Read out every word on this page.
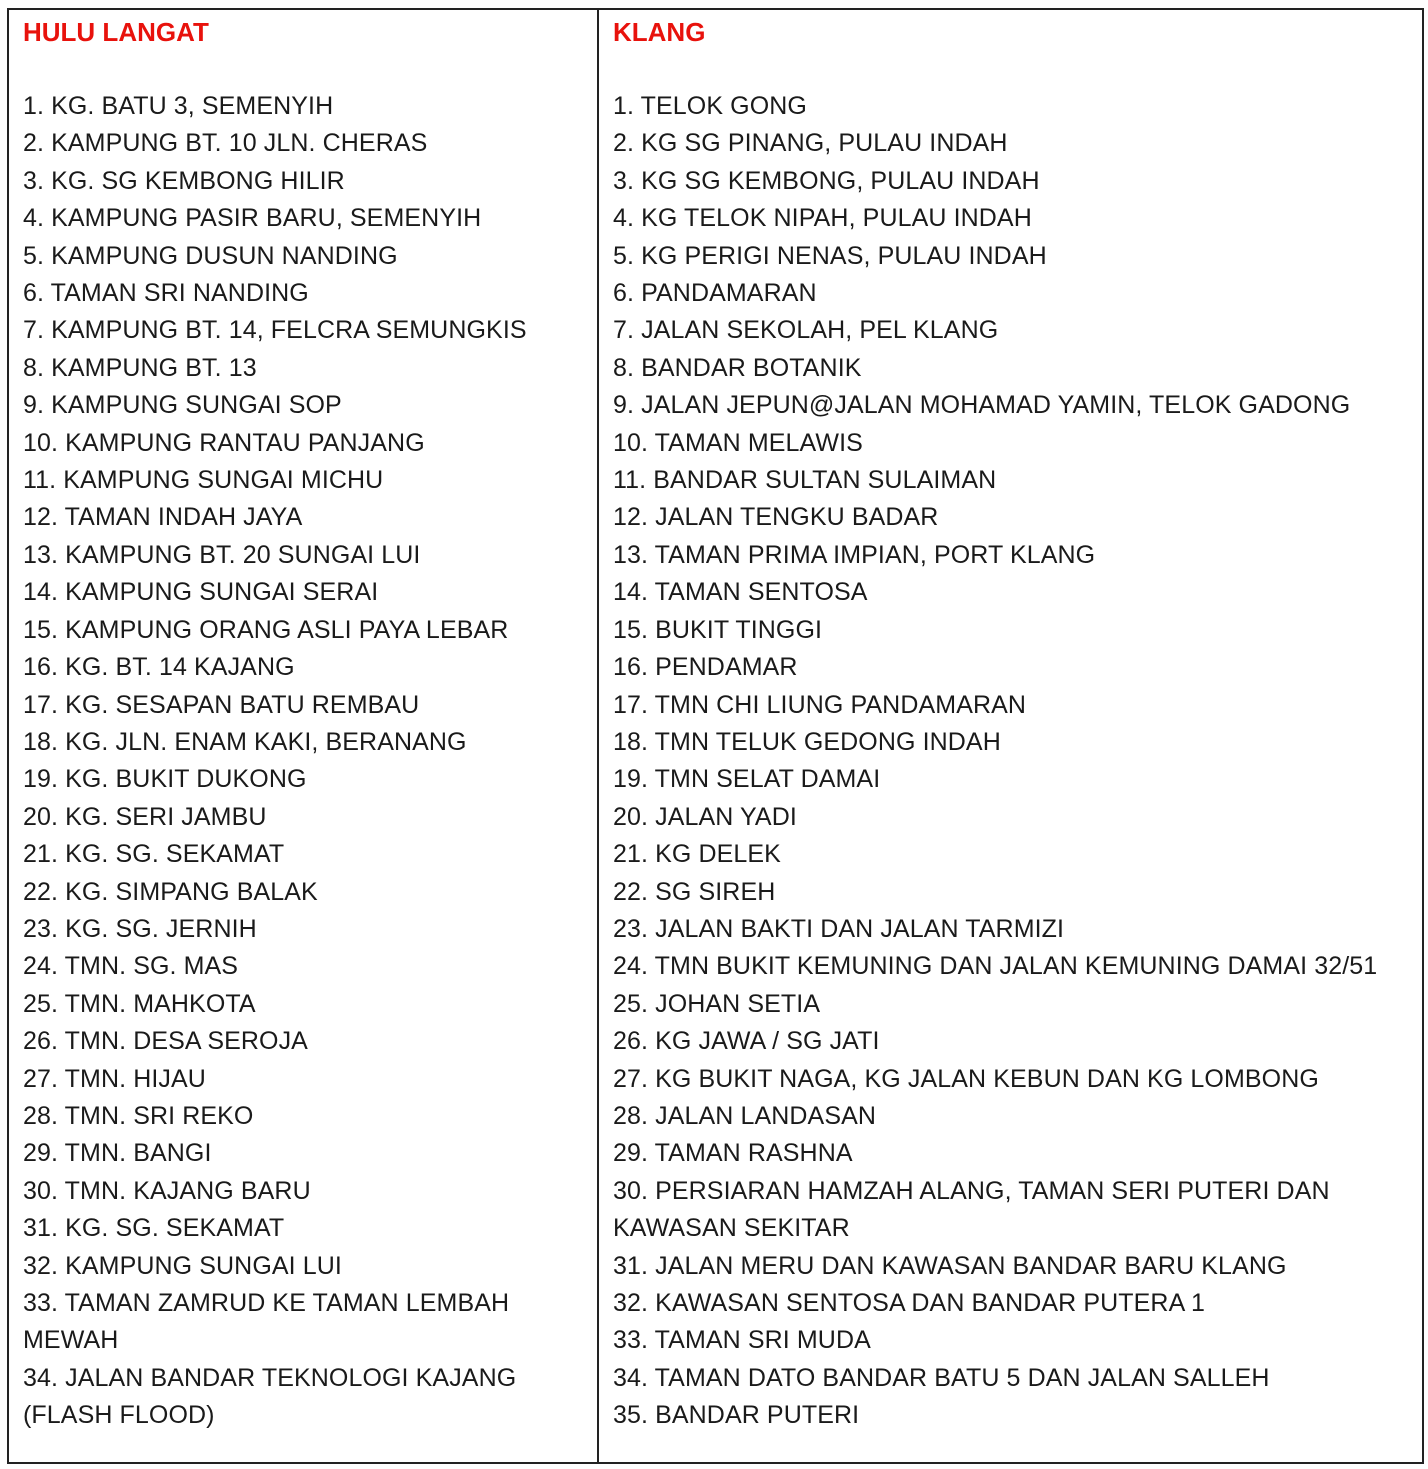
HULU LANGAT
1. KG. BATU 3, SEMENYIH
2. KAMPUNG BT. 10 JLN. CHERAS
3. KG. SG KEMBONG HILIR
4. KAMPUNG PASIR BARU, SEMENYIH
5. KAMPUNG DUSUN NANDING
6. TAMAN SRI NANDING
7. KAMPUNG BT. 14, FELCRA SEMUNGKIS
8. KAMPUNG BT. 13
9. KAMPUNG SUNGAI SOP
10. KAMPUNG RANTAU PANJANG
11. KAMPUNG SUNGAI MICHU
12. TAMAN INDAH JAYA
13. KAMPUNG BT. 20 SUNGAI LUI
14. KAMPUNG SUNGAI SERAI
15. KAMPUNG ORANG ASLI PAYA LEBAR
16. KG. BT. 14 KAJANG
17. KG. SESAPAN BATU REMBAU
18. KG. JLN. ENAM KAKI, BERANANG
19. KG. BUKIT DUKONG
20. KG. SERI JAMBU
21. KG. SG. SEKAMAT
22. KG. SIMPANG BALAK
23. KG. SG. JERNIH
24. TMN. SG. MAS
25. TMN. MAHKOTA
26. TMN. DESA SEROJA
27. TMN. HIJAU
28. TMN. SRI REKO
29. TMN. BANGI
30. TMN. KAJANG BARU
31. KG. SG. SEKAMAT
32. KAMPUNG SUNGAI LUI
33. TAMAN ZAMRUD KE TAMAN LEMBAH MEWAH
34. JALAN BANDAR TEKNOLOGI KAJANG (FLASH FLOOD)
KLANG
1. TELOK GONG
2. KG SG PINANG, PULAU INDAH
3. KG SG KEMBONG, PULAU INDAH
4. KG TELOK NIPAH, PULAU INDAH
5. KG PERIGI NENAS, PULAU INDAH
6. PANDAMARAN
7. JALAN SEKOLAH, PEL KLANG
8. BANDAR BOTANIK
9. JALAN JEPUN@JALAN MOHAMAD YAMIN, TELOK GADONG
10. TAMAN MELAWIS
11. BANDAR SULTAN SULAIMAN
12. JALAN TENGKU BADAR
13. TAMAN PRIMA IMPIAN, PORT KLANG
14. TAMAN SENTOSA
15. BUKIT TINGGI
16. PENDAMAR
17. TMN CHI LIUNG PANDAMARAN
18. TMN TELUK GEDONG INDAH
19. TMN SELAT DAMAI
20. JALAN YADI
21. KG DELEK
22. SG SIREH
23. JALAN BAKTI DAN JALAN TARMIZI
24. TMN BUKIT KEMUNING DAN JALAN KEMUNING DAMAI 32/51
25. JOHAN SETIA
26. KG JAWA / SG JATI
27. KG BUKIT NAGA, KG JALAN KEBUN DAN KG LOMBONG
28. JALAN LANDASAN
29. TAMAN RASHNA
30. PERSIARAN HAMZAH ALANG, TAMAN SERI PUTERI DAN KAWASAN SEKITAR
31. JALAN MERU DAN KAWASAN BANDAR BARU KLANG
32. KAWASAN SENTOSA DAN BANDAR PUTERA 1
33. TAMAN SRI MUDA
34. TAMAN DATO BANDAR BATU 5 DAN JALAN SALLEH
35. BANDAR PUTERI
